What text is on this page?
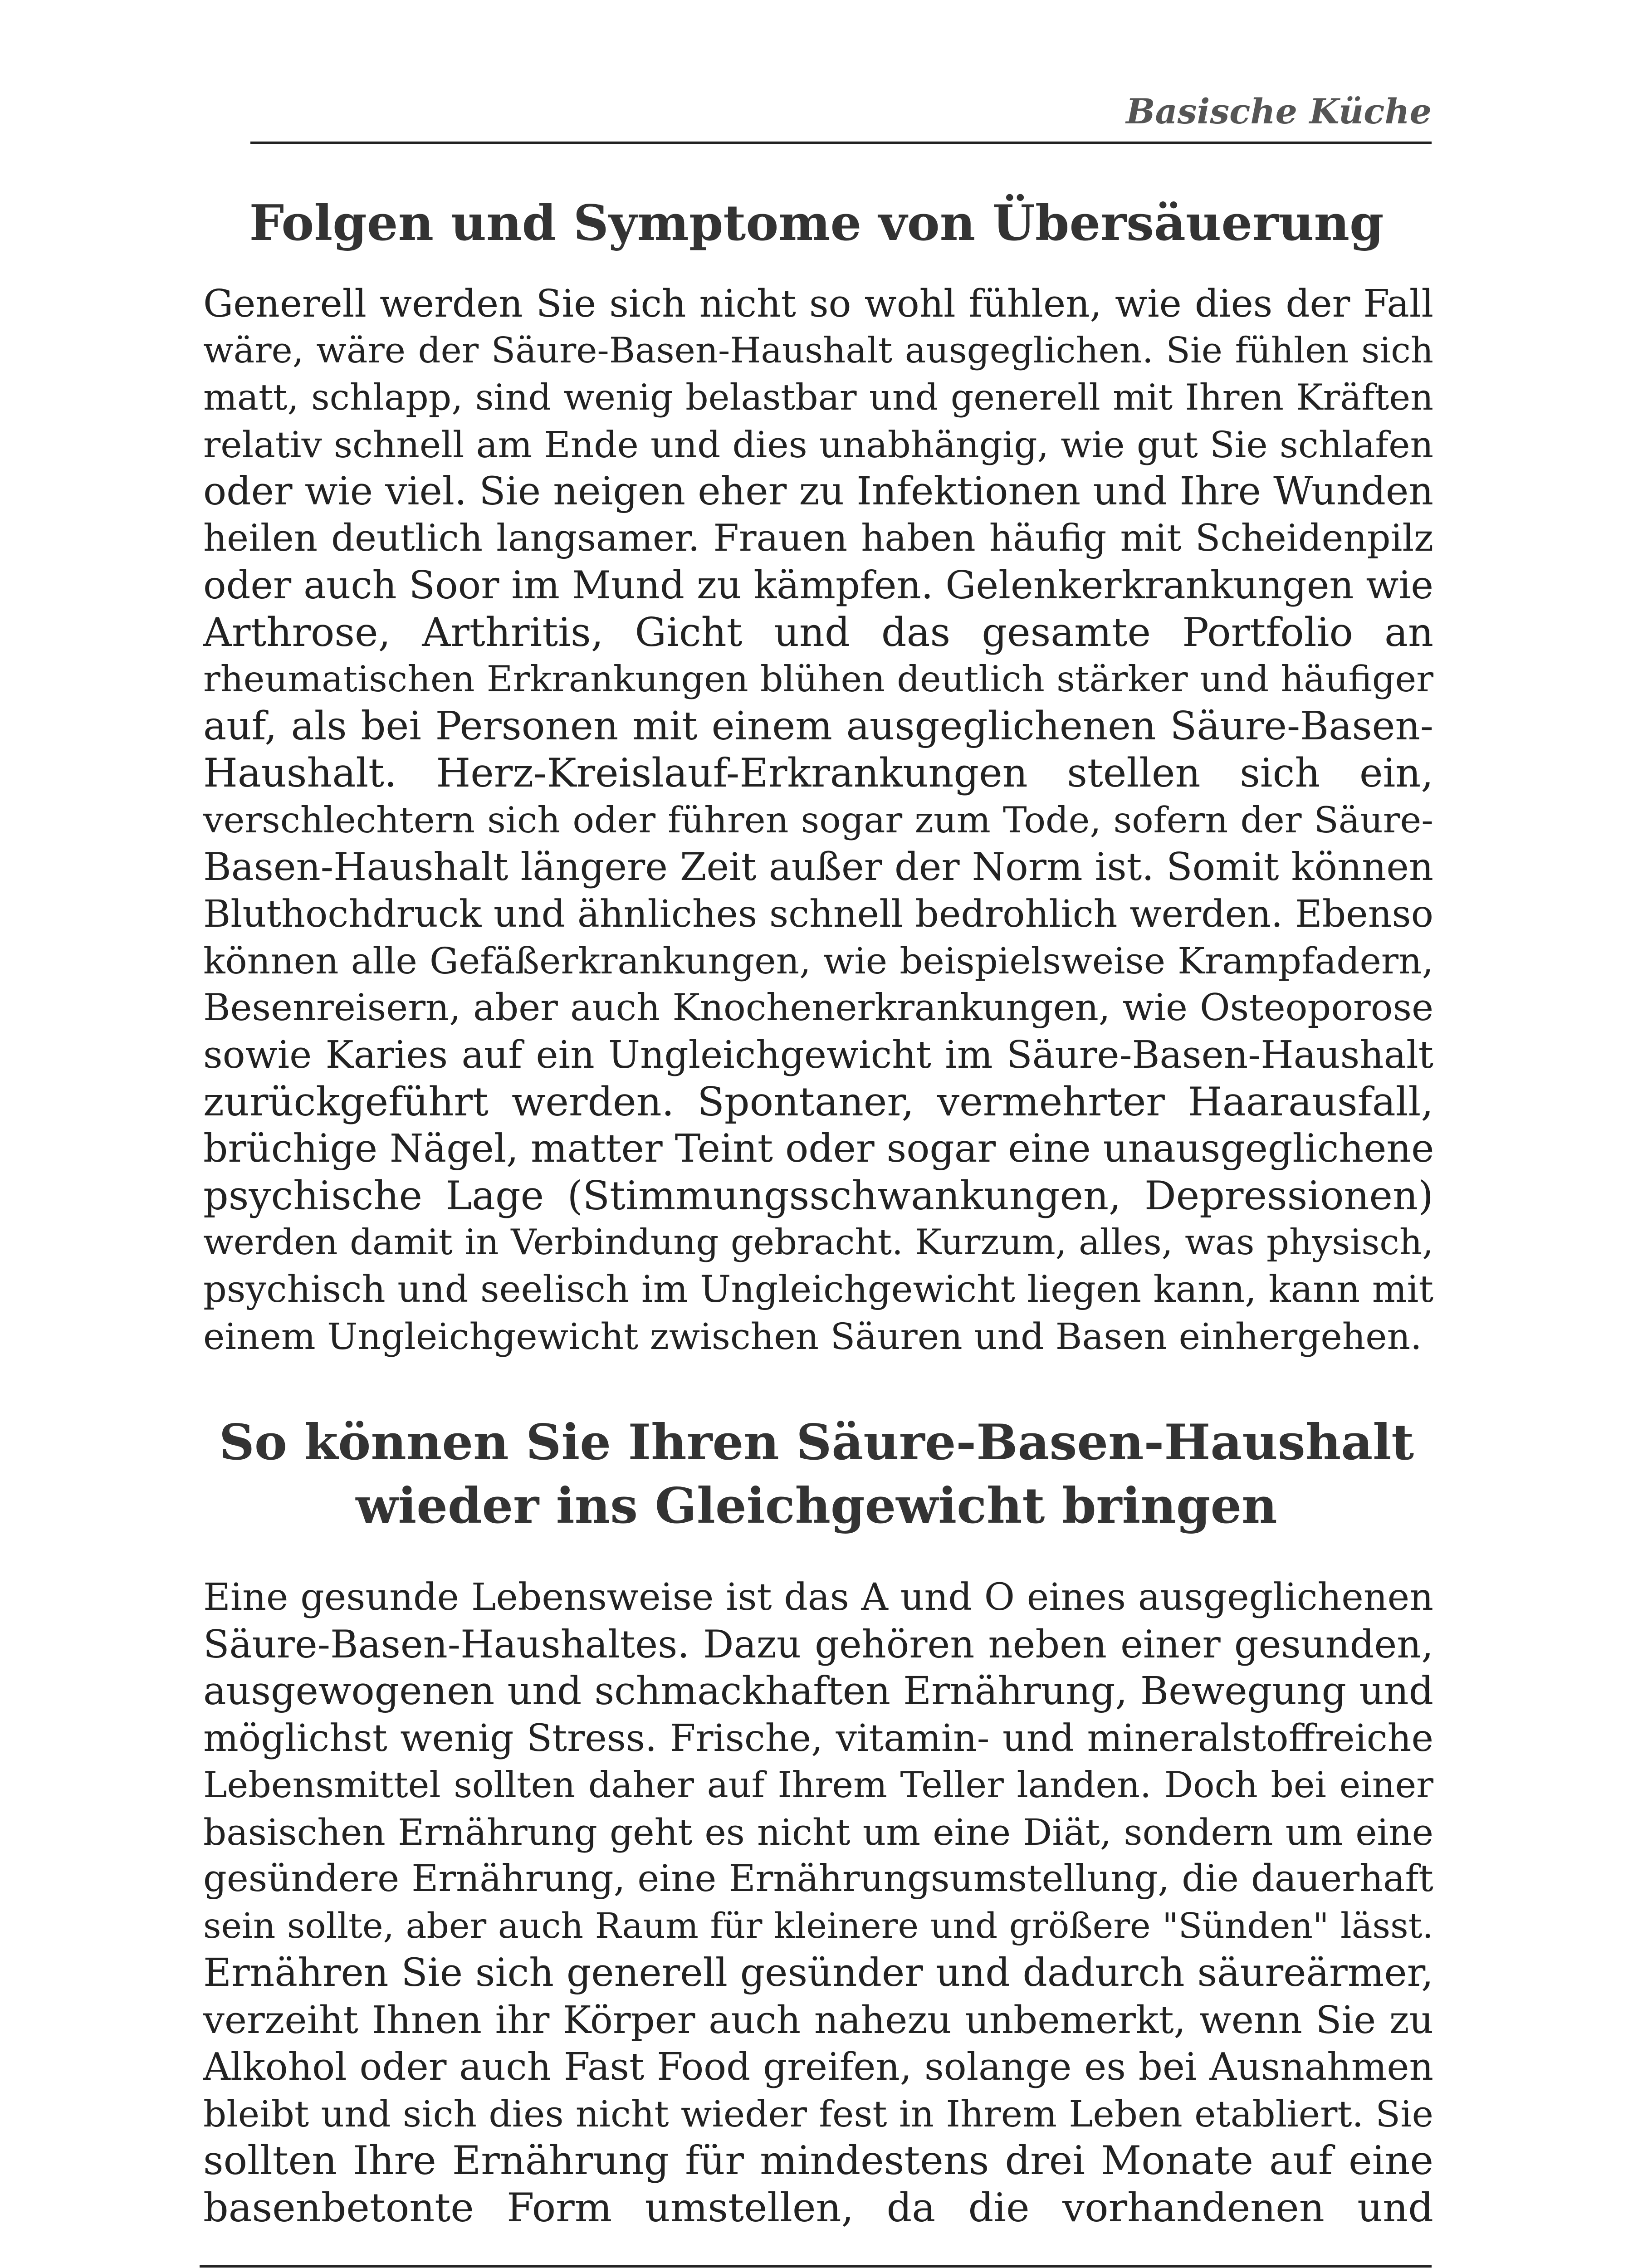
Basische Küche
Folgen und Symptome von Übersäuerung
Generell werden Sie sich nicht so wohl fühlen, wie dies der Fall
wäre, wäre der Säure-Basen-Haushalt ausgeglichen. Sie fühlen sich
matt, schlapp, sind wenig belastbar und generell mit Ihren Kräften
relativ schnell am Ende und dies unabhängig, wie gut Sie schlafen
oder wie viel. Sie neigen eher zu Infektionen und Ihre Wunden
heilen deutlich langsamer. Frauen haben häufig mit Scheidenpilz
oder auch Soor im Mund zu kämpfen. Gelenkerkrankungen wie
Arthrose, Arthritis, Gicht und das gesamte Portfolio an
rheumatischen Erkrankungen blühen deutlich stärker und häufiger
auf, als bei Personen mit einem ausgeglichenen Säure-Basen-
Haushalt. Herz-Kreislauf-Erkrankungen stellen sich ein,
verschlechtern sich oder führen sogar zum Tode, sofern der Säure-
Basen-Haushalt längere Zeit außer der Norm ist. Somit können
Bluthochdruck und ähnliches schnell bedrohlich werden. Ebenso
können alle Gefäßerkrankungen, wie beispielsweise Krampfadern,
Besenreisern, aber auch Knochenerkrankungen, wie Osteoporose
sowie Karies auf ein Ungleichgewicht im Säure-Basen-Haushalt
zurückgeführt werden. Spontaner, vermehrter Haarausfall,
brüchige Nägel, matter Teint oder sogar eine unausgeglichene
psychische Lage (Stimmungsschwankungen, Depressionen)
werden damit in Verbindung gebracht. Kurzum, alles, was physisch,
psychisch und seelisch im Ungleichgewicht liegen kann, kann mit
einem Ungleichgewicht zwischen Säuren und Basen einhergehen.
So können Sie Ihren Säure-Basen-Haushalt
wieder ins Gleichgewicht bringen
Eine gesunde Lebensweise ist das A und O eines ausgeglichenen
Säure-Basen-Haushaltes. Dazu gehören neben einer gesunden,
ausgewogenen und schmackhaften Ernährung, Bewegung und
möglichst wenig Stress. Frische, vitamin- und mineralstoffreiche
Lebensmittel sollten daher auf Ihrem Teller landen. Doch bei einer
basischen Ernährung geht es nicht um eine Diät, sondern um eine
gesündere Ernährung, eine Ernährungsumstellung, die dauerhaft
sein sollte, aber auch Raum für kleinere und größere "Sünden" lässt.
Ernähren Sie sich generell gesünder und dadurch säureärmer,
verzeiht Ihnen ihr Körper auch nahezu unbemerkt, wenn Sie zu
Alkohol oder auch Fast Food greifen, solange es bei Ausnahmen
bleibt und sich dies nicht wieder fest in Ihrem Leben etabliert. Sie
sollten Ihre Ernährung für mindestens drei Monate auf eine
basenbetonte Form umstellen, da die vorhandenen und
